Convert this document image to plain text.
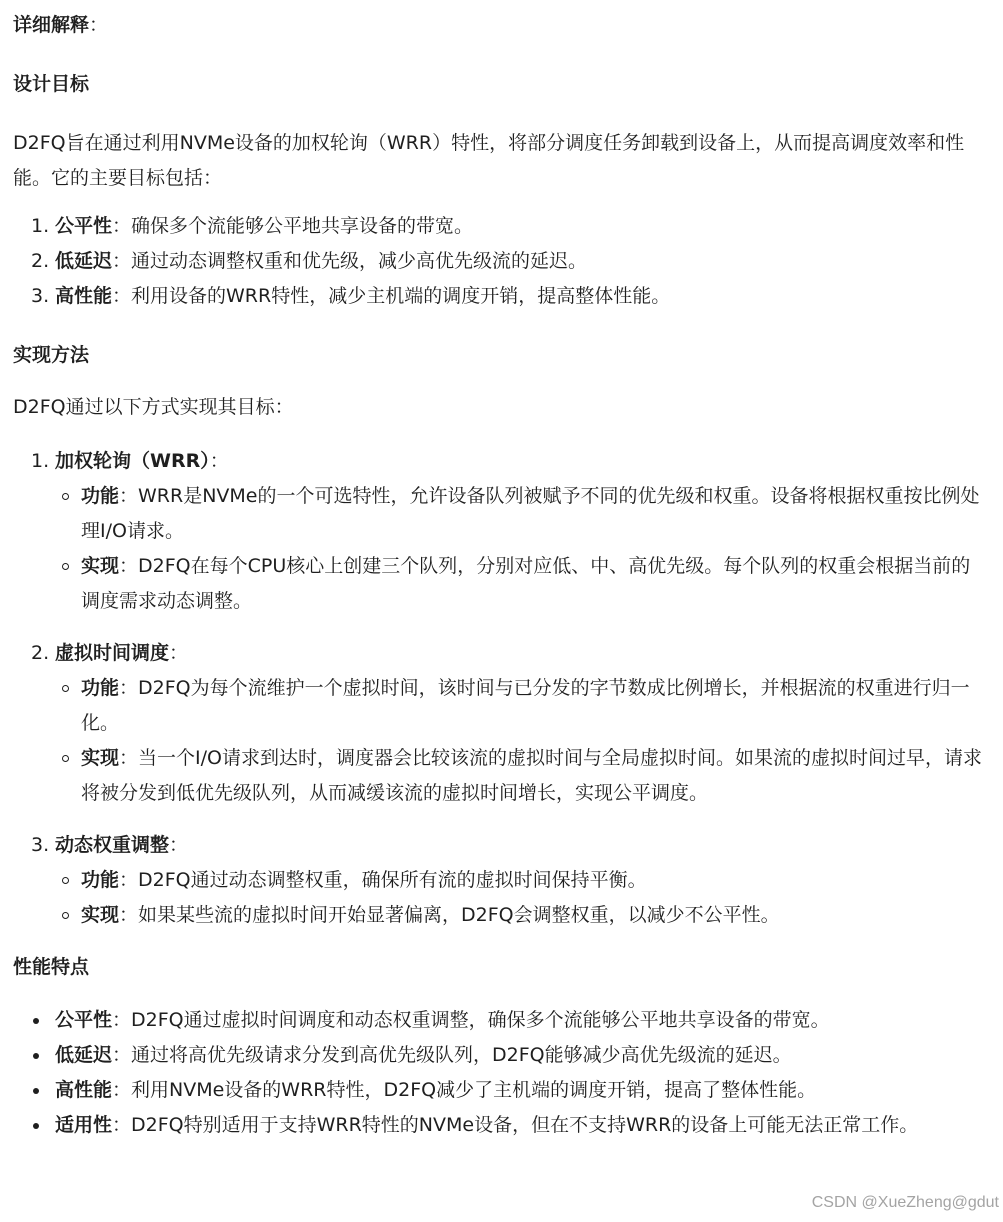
详细解释：

设计目标

D2FQ旨在通过利用NVMe设备的加权轮询（WRR）特性，将部分调度任务卸载到设备上，从而提高调度效率和性能。它的主要目标包括：

1. 公平性：确保多个流能够公平地共享设备的带宽。
2. 低延迟：通过动态调整权重和优先级，减少高优先级流的延迟。
3. 高性能：利用设备的WRR特性，减少主机端的调度开销，提高整体性能。

实现方法

D2FQ通过以下方式实现其目标：

1. 加权轮询（WRR）：
功能：WRR是NVMe的一个可选特性，允许设备队列被赋予不同的优先级和权重。设备将根据权重按比例处理I/O请求。
实现：D2FQ在每个CPU核心上创建三个队列，分别对应低、中、高优先级。每个队列的权重会根据当前的调度需求动态调整。
2. 虚拟时间调度：
功能：D2FQ为每个流维护一个虚拟时间，该时间与已分发的字节数成比例增长，并根据流的权重进行归一化。
实现：当一个I/O请求到达时，调度器会比较该流的虚拟时间与全局虚拟时间。如果流的虚拟时间过早，请求将被分发到低优先级队列，从而减缓该流的虚拟时间增长，实现公平调度。
3. 动态权重调整：
功能：D2FQ通过动态调整权重，确保所有流的虚拟时间保持平衡。
实现：如果某些流的虚拟时间开始显著偏离，D2FQ会调整权重，以减少不公平性。

性能特点

公平性：D2FQ通过虚拟时间调度和动态权重调整，确保多个流能够公平地共享设备的带宽。
低延迟：通过将高优先级请求分发到高优先级队列，D2FQ能够减少高优先级流的延迟。
高性能：利用NVMe设备的WRR特性，D2FQ减少了主机端的调度开销，提高了整体性能。
适用性：D2FQ特别适用于支持WRR特性的NVMe设备，但在不支持WRR的设备上可能无法正常工作。
CSDN @XueZheng@gdut
